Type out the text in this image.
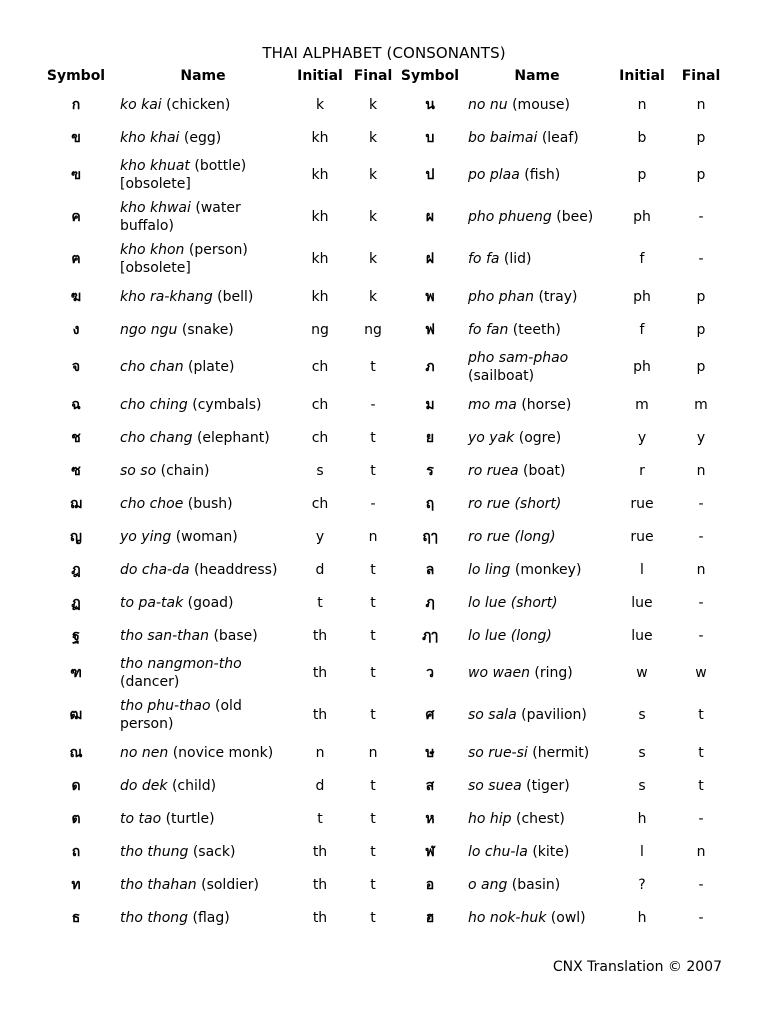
THAI ALPHABET (CONSONANTS)
Symbol	Name	Initial	Final	Symbol	Name	Initial	Final
ก	ko kai (chicken)	k	k	น	no nu (mouse)	n	n
ข	kho khai (egg)	kh	k	บ	bo baimai (leaf)	b	p
ฃ	kho khuat (bottle) [obsolete]	kh	k	ป	po plaa (fish)	p	p
ค	kho khwai (water buffalo)	kh	k	ผ	pho phueng (bee)	ph	-
ฅ	kho khon (person) [obsolete]	kh	k	ฝ	fo fa (lid)	f	-
ฆ	kho ra-khang (bell)	kh	k	พ	pho phan (tray)	ph	p
ง	ngo ngu (snake)	ng	ng	ฟ	fo fan (teeth)	f	p
จ	cho chan (plate)	ch	t	ภ	pho sam-phao (sailboat)	ph	p
ฉ	cho ching (cymbals)	ch	-	ม	mo ma (horse)	m	m
ช	cho chang (elephant)	ch	t	ย	yo yak (ogre)	y	y
ซ	so so (chain)	s	t	ร	ro ruea (boat)	r	n
ฌ	cho choe (bush)	ch	-	ฤ	ro rue (short)	rue	-
ญ	yo ying (woman)	y	n	ฤๅ	ro rue (long)	rue	-
ฎ	do cha-da (headdress)	d	t	ล	lo ling (monkey)	l	n
ฏ	to pa-tak (goad)	t	t	ฦ	lo lue (short)	lue	-
ฐ	tho san-than (base)	th	t	ฦๅ	lo lue (long)	lue	-
ฑ	tho nangmon-tho (dancer)	th	t	ว	wo waen (ring)	w	w
ฒ	tho phu-thao (old person)	th	t	ศ	so sala (pavilion)	s	t
ณ	no nen (novice monk)	n	n	ษ	so rue-si (hermit)	s	t
ด	do dek (child)	d	t	ส	so suea (tiger)	s	t
ต	to tao (turtle)	t	t	ห	ho hip (chest)	h	-
ถ	tho thung (sack)	th	t	ฬ	lo chu-la (kite)	l	n
ท	tho thahan (soldier)	th	t	อ	o ang (basin)	?	-
ธ	tho thong (flag)	th	t	ฮ	ho nok-huk (owl)	h	-
CNX Translation © 2007
